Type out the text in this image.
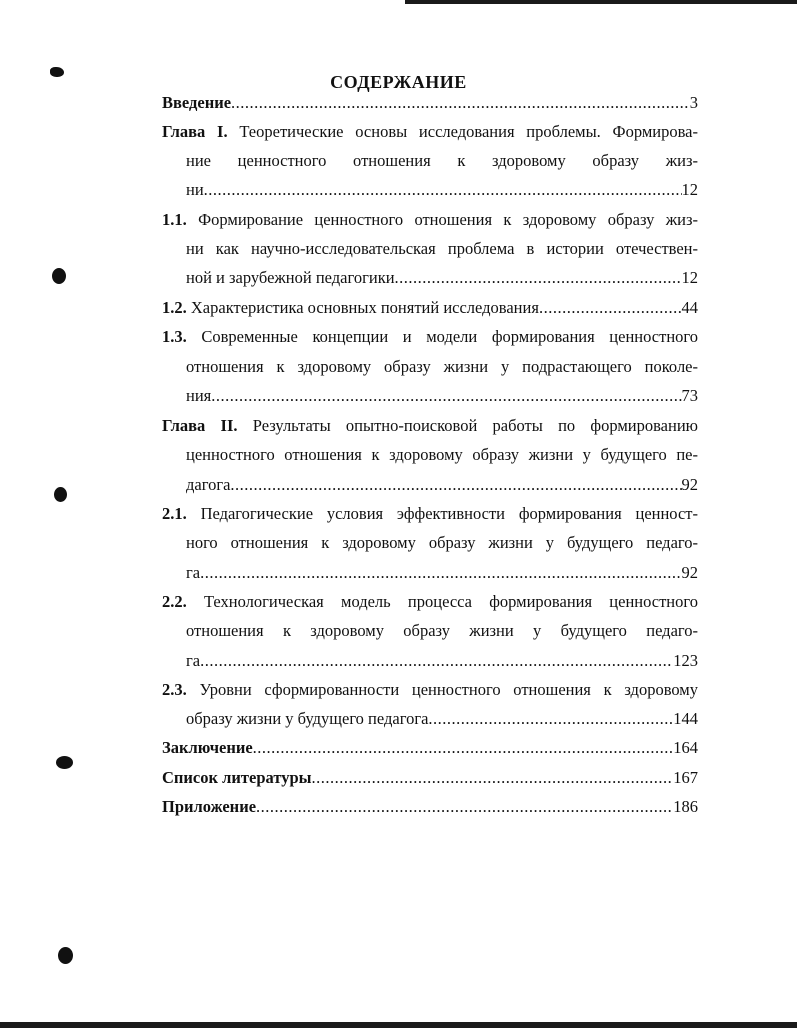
СОДЕРЖАНИЕ
Введение .....	3
Глава I. Теоретические основы исследования проблемы. Формирова-
ние ценностного отношения к здоровому образу жиз-
ни .....	12
1.1. Формирование ценностного отношения к здоровому образу жиз-
ни как научно-исследовательская проблема в истории отечествен-
ной и зарубежной педагогики .....	12
1.2. Характеристика основных понятий исследования .....	44
1.3. Современные концепции и модели формирования ценностного
отношения к здоровому образу жизни у подрастающего поколе-
ния .....	73
Глава II. Результаты опытно-поисковой работы по формированию
ценностного отношения к здоровому образу жизни у будущего пе-
дагога .....	92
2.1. Педагогические условия эффективности формирования ценност-
ного отношения к здоровому образу жизни у будущего педаго-
га .....	92
2.2. Технологическая модель процесса формирования ценностного
отношения к здоровому образу жизни у будущего педаго-
га .....	123
2.3. Уровни сформированности ценностного отношения к здоровому
образу жизни у будущего педагога .....	144
Заключение .....	164
Список литературы .....	167
Приложение .....	186
